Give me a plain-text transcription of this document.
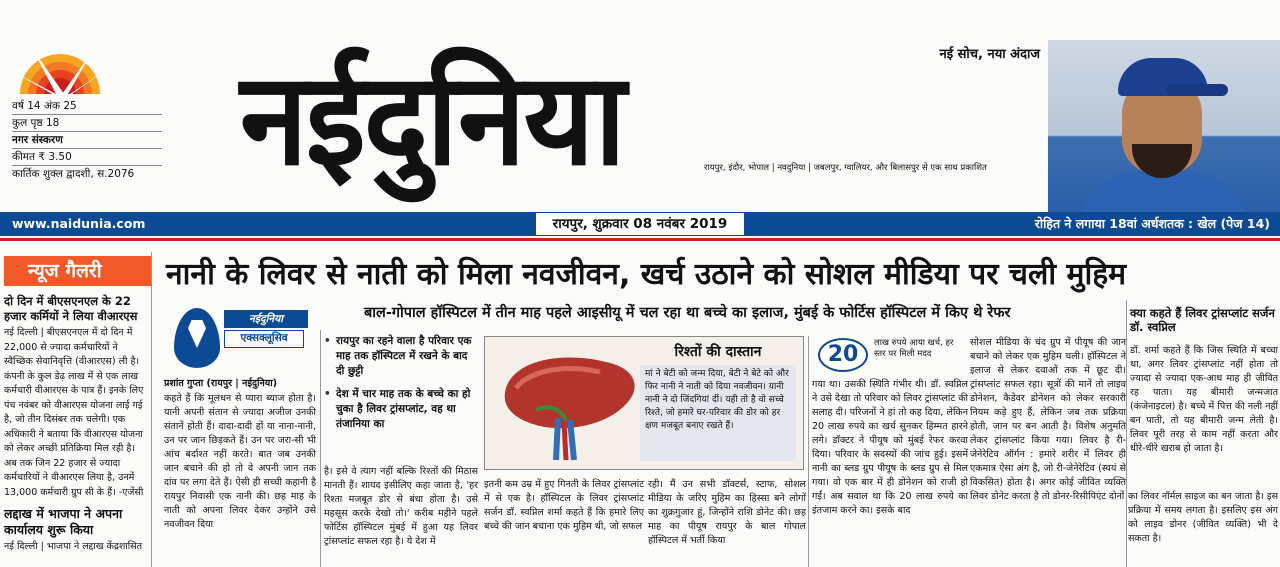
वर्ष 14 अंक 25
कुल पृष्ठ 18
नगर संस्करण
कीमत ₹ 3.50
कार्तिक शुक्ल द्वादशी, स.2076 नईदुनिया	नई सोच, नया अंदाज
रायपुर, इंदौर, भोपाल | नवदुनिया | जबलपुर, ग्वालियर, और बिलासपुर से एक साथ प्रकाशित
www.naidunia.com	रायपुर, शुक्रवार 08 नवंबर 2019	रोहित ने लगाया 18वां अर्धशतक : खेल (पेज 14)
न्यूज गैलरी
दो दिन में बीएसएनएल के 22 हजार कर्मियों ने लिया वीआरएस
नई दिल्ली | बीएसएनएल में दो दिन में 22,000 से ज्यादा कर्मचारियों ने स्वैच्छिक सेवानिवृत्ति (वीआरएस) ली है। कंपनी के कुल डेढ़ लाख में से एक लाख कर्मचारी वीआरएस के पात्र हैं। इनके लिए पंच नवंबर को वीआरएस योजना लाई गई है, जो तीन दिसंबर तक चलेगी। एक अधिकारी ने बताया कि वीआरएस योजना को लेकर अच्छी प्रतिक्रिया मिल रही है। अब तक जिन 22 हजार से ज्यादा कर्मचारियों ने वीआरएस लिया है, उनमें 13,000 कर्मचारी ग्रुप सी के हैं। -एजेंसी
लद्दाख में भाजपा ने अपना कार्यालय शुरू किया
नई दिल्ली | भाजपा ने लद्दाख केंद्रशासित
नानी के लिवर से नाती को मिला नवजीवन, खर्च उठाने को सोशल मीडिया पर चली मुहिम
बाल-गोपाल हॉस्पिटल में तीन माह पहले आइसीयू में चल रहा था बच्चे का इलाज, मुंबई के फोर्टिस हॉस्पिटल में किए थे रेफर
नईदुनिया
एक्सक्लूसिव
प्रशांत गुप्ता (रायपुर | नईदुनिया)
कहते हैं कि मूलधन से प्यारा ब्याज होता है। यानी अपनी संतान से ज्यादा अजीज उनकी संतानें होती हैं। दादा-दादी हों या नाना-नानी, उन पर जान छिड़कते हैं। उन पर जरा-सी भी आंच बर्दाश्त नहीं करते। बात जब उनकी जान बचाने की हो तो वे अपनी जान तक दांव पर लगा देते हैं। ऐसी ही सच्ची कहानी है रायपुर निवासी एक नानी की। छह माह के नाती को अपना लिवर देकर उन्होंने उसे नवजीवन दिया
• रायपुर का रहने वाला है परिवार एक माह तक हॉस्पिटल में रखने के बाद दी छुट्टी
• देश में चार माह तक के बच्चे का हो चुका है लिवर ट्रांसप्लांट, वह था तंजानिया का
है। इसे वे त्याग नहीं बल्कि रिश्तों की मिठास मानती हैं। शायद इसीलिए कहा जाता है, 'हर रिश्ता मजबूत डोर से बंधा होता है। उसे महसूस करके देखो तो।' करीब महीने पहले फोर्टिस हॉस्पिटल मुंबई में हुआ यह लिवर ट्रांसप्लांट सफल रहा है। ये देश में
रिश्तों की दास्तान
मां ने बेटी को जन्म दिया, बेटी ने बेटे को और फिर नानी ने नाती को दिया नवजीवन। यानी नानी ने दो जिंदगियां दीं। यही तो है वो सच्चे रिश्ते, जो हमारे घर-परिवार की डोर को हर क्षण मजबूत बनाए रखते हैं।
इतनी कम उम्र में हुए गिनती के लिवर ट्रांसप्लांट में से एक है। हॉस्पिटल के लिवर ट्रांसप्लांट सर्जन डॉ. स्वप्निल शर्मा कहते हैं कि हमारे लिए बच्चे की जान बचाना एक मुहिम थी, जो सफल
रही। मैं उन सभी डॉक्टर्स, स्टाफ, सोशल मीडिया के जरिए मुहिम का हिस्सा बने लोगों का शुक्रगुजार हूं, जिन्होंने राशि डोनेट की। छह माह का पीयूष रायपुर के बाल गोपाल हॉस्पिटल में भर्ती किया
20	लाख रुपये आया खर्च, हर स्तर पर मिली मदद
गया था। उसकी स्थिति गंभीर थी। डॉ. स्वप्निल ने उसे देखा तो परिवार को लिवर ट्रांसप्लांट की सलाह दी। परिजनों ने हां तो कह दिया, लेकिन 20 लाख रुपये का खर्च सुनकर हिम्मत हारने लगे। डॉक्टर ने पीयूष को मुंबई रेफर करवा दिया। परिवार के सदस्यों की जांच हुई। इसमें नानी का ब्लड ग्रुप पीयूष के ब्लड ग्रुप से मिल गया। वो एक बार में ही डोनेशन को राजी हो गईं। अब सवाल था कि 20 लाख रुपये का इंतजाम करने का। इसके बाद
सोशल मीडिया के चंद ग्रुप में पीयूष की जान बचाने को लेकर एक मुहिम चली। हॉस्पिटल ने इलाज से लेकर दवाओं तक में छूट दी। ट्रांसप्लांट सफल रहा। सूत्रों की मानें तो लाइव डोनेशन, कैडेवर डोनेशन को लेकर सरकारी नियम कड़े हुए हैं, लेकिन जब तक प्रक्रिया होती, जान पर बन आती है। विशेष अनुमति लेकर ट्रांसप्लांट किया गया। लिवर है री-जेनेरेटिव ऑर्गन : हमारे शरीर में लिवर ही एकमात्र ऐसा अंग है, जो री-जेनेरेटिव (स्वयं से विकसित) होता है। अगर कोई जीवित व्यक्ति लिवर डोनेट करता है तो डोनर-रिसीपिएंट दोनों
क्या कहते हैं लिवर ट्रांसप्लांट सर्जन डॉ. स्वप्निल
डॉ. शर्मा कहते हैं कि जिस स्थिति में बच्चा था, अगर लिवर ट्रांसप्लांट नहीं होता तो ज्यादा से ज्यादा एक-आध माह ही जीवित रह पाता। यह बीमारी जन्मजात (कंजेनाइटल) है। बच्चे में पित्त की नली नहीं बन पाती, तो यह बीमारी जन्म लेती है। लिवर पूरी तरह से काम नहीं करता और धीरे-धीरे खराब हो जाता है।
का लिवर नॉर्मल साइज का बन जाता है। इस प्रक्रिया में समय लगता है। इसलिए इस अंग को लाइव डोनर (जीवित व्यक्ति) भी दे सकता है।
